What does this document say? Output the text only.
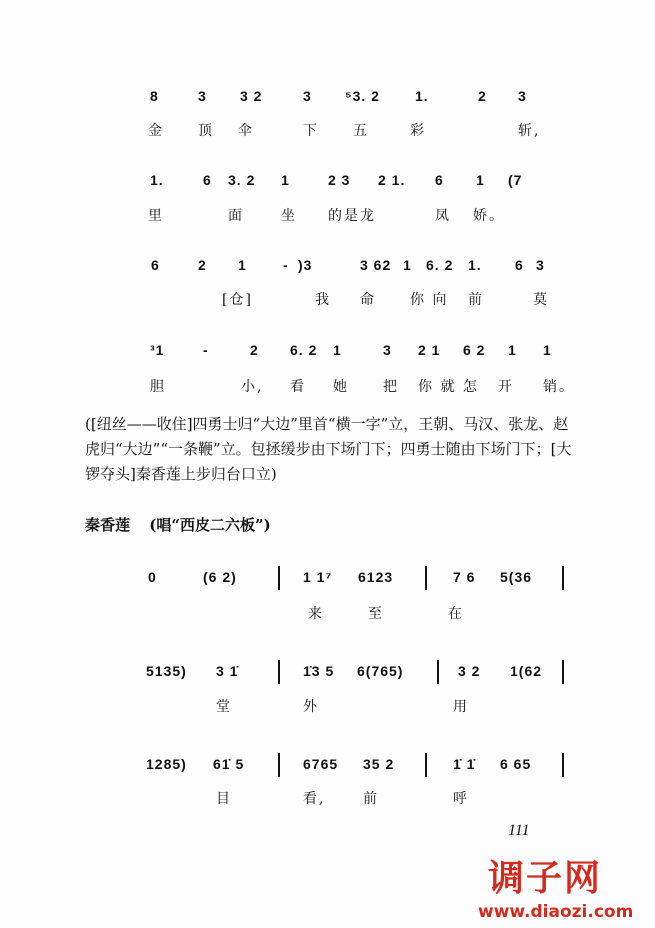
8	3 3 2	3 ⁵3. 2	1.	2 3
金 顶 伞	下 五	彩	斩,
1.	6 3. 2 1	2 3 2 1. 6 1 (7
里	面	坐 的是龙	凤 娇。
6	2 1	- )3	3 62 1 6. 2 1. 6 3
[仓]	我 命 你 向 前	莫
³1	-	2 6. 2 1	3 2 1 6 2 1 1
胆	小, 看 她 把 你 就 怎 开 销。
0	(6 2)	1 1⁷ 6123	7 6 5(36
来	至	在
5135) 3 1̇	1̇3 5 6(765)	3 2 1(62
堂	外	用
1285) 61̇ 5	6765 35 2	1̇ 1̇ 6 65
目	看,	前	呼
([纽丝——收住]四勇士归“大边”里首“横一字”立，王朝、马汉、张龙、赵虎归“大边”“一条鞭”立。包拯缓步由下场门下；四勇士随由下场门下；[大锣夺头]秦香莲上步归台口立)
秦香莲 (唱“西皮二六板”)
111
调子网
www.diaozi.com
